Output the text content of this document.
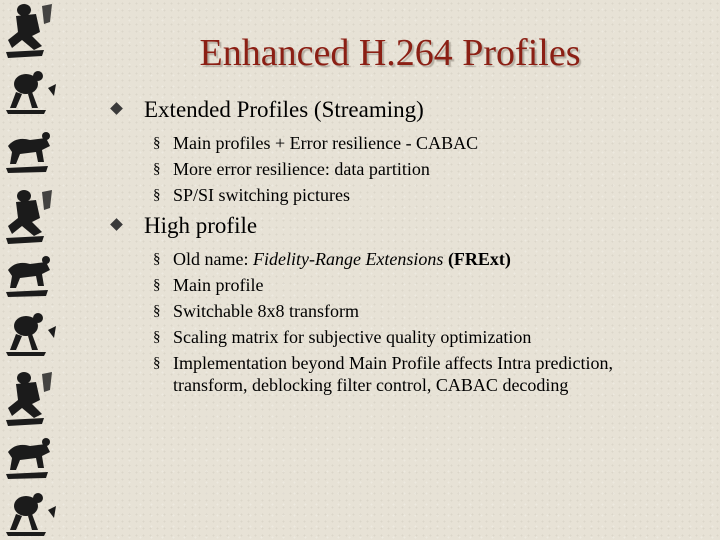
Enhanced H.264 Profiles
Extended Profiles (Streaming)
§ Main profiles + Error resilience - CABAC
§ More error resilience: data partition
§ SP/SI switching pictures
High profile
§ Old name: Fidelity-Range Extensions (FRExt)
§ Main profile
§ Switchable 8x8 transform
§ Scaling matrix for subjective quality optimization
§ Implementation beyond Main Profile affects Intra prediction, transform, deblocking filter control, CABAC decoding
